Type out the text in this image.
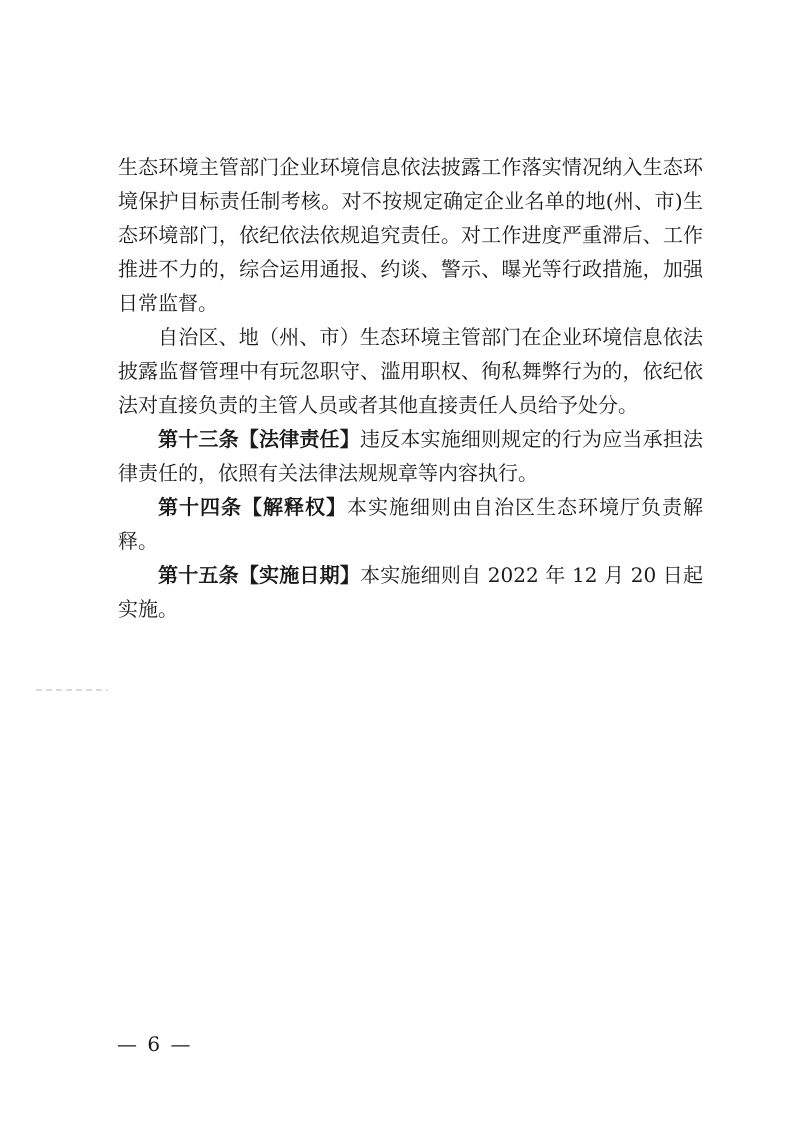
生态环境主管部门企业环境信息依法披露工作落实情况纳入生态环境保护目标责任制考核。对不按规定确定企业名单的地(州、市)生态环境部门，依纪依法依规追究责任。对工作进度严重滞后、工作推进不力的，综合运用通报、约谈、警示、曝光等行政措施，加强日常监督。

自治区、地（州、市）生态环境主管部门在企业环境信息依法披露监督管理中有玩忽职守、滥用职权、徇私舞弊行为的，依纪依法对直接负责的主管人员或者其他直接责任人员给予处分。

第十三条【法律责任】违反本实施细则规定的行为应当承担法律责任的，依照有关法律法规规章等内容执行。

第十四条【解释权】本实施细则由自治区生态环境厅负责解释。

第十五条【实施日期】本实施细则自 2022 年 12 月 20 日起实施。

— 6 —
